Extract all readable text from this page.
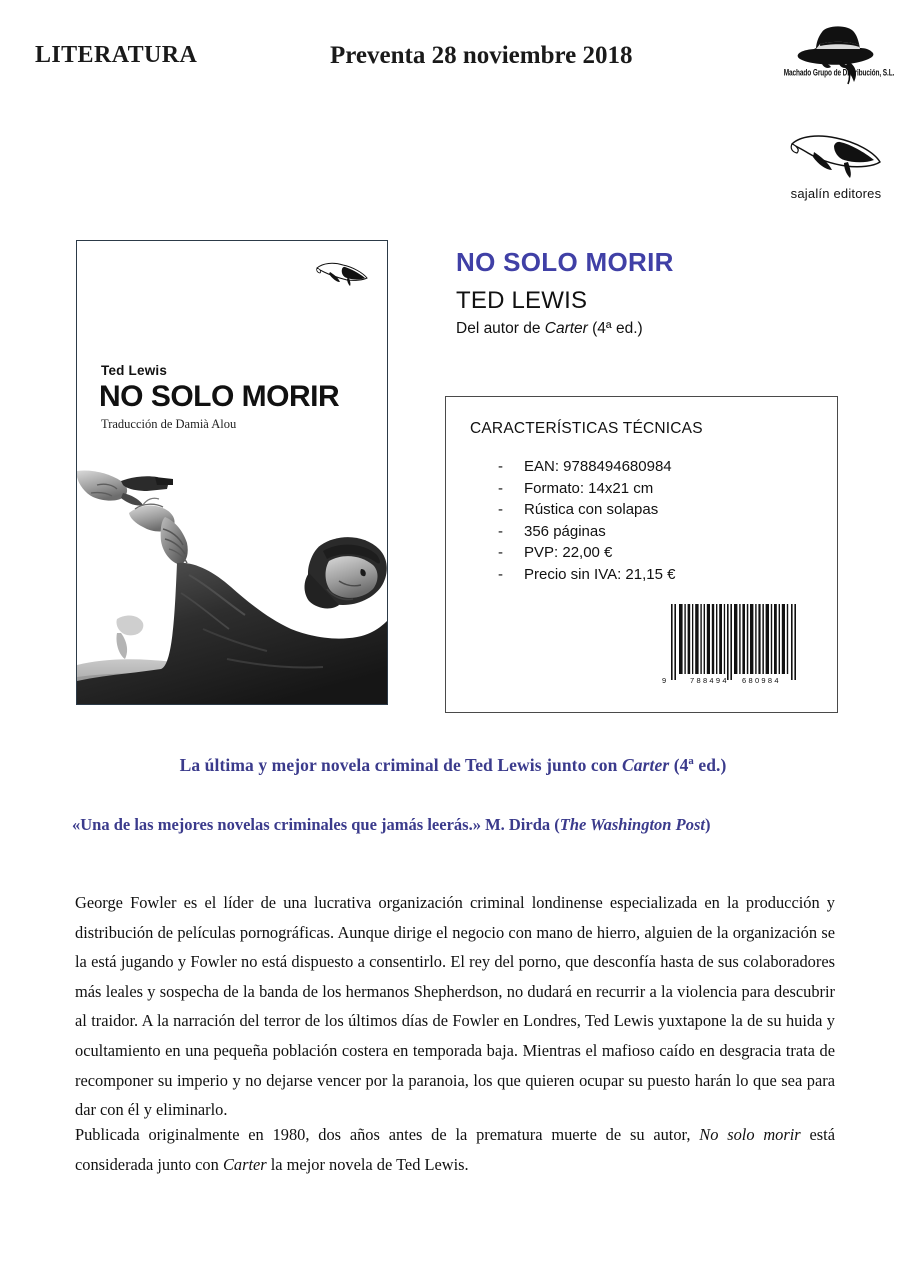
LITERATURA	Preventa 28 noviembre 2018
Machado Grupo de Distribución, S.L.
sajalín editores
Ted Lewis
NO SOLO MORIR
Traducción de Damià Alou
NO SOLO MORIR
TED LEWIS
Del autor de Carter (4ª ed.)
CARACTERÍSTICAS TÉCNICAS
- EAN: 9788494680984
- Formato: 14x21 cm
- Rústica con solapas
- 356 páginas
- PVP: 22,00 €
- Precio sin IVA: 21,15 €
9	788494 680984
La última y mejor novela criminal de Ted Lewis junto con Carter (4ª ed.)
«Una de las mejores novelas criminales que jamás leerás.» M. Dirda (The Washington Post)
George Fowler es el líder de una lucrativa organización criminal londinense especializada en la producción y distribución de películas pornográficas. Aunque dirige el negocio con mano de hierro, alguien de la organización se la está jugando y Fowler no está dispuesto a consentirlo. El rey del porno, que desconfía hasta de sus colaboradores más leales y sospecha de la banda de los hermanos Shepherdson, no dudará en recurrir a la violencia para descubrir al traidor. A la narración del terror de los últimos días de Fowler en Londres, Ted Lewis yuxtapone la de su huida y ocultamiento en una pequeña población costera en temporada baja. Mientras el mafioso caído en desgracia trata de recomponer su imperio y no dejarse vencer por la paranoia, los que quieren ocupar su puesto harán lo que sea para dar con él y eliminarlo.
Publicada originalmente en 1980, dos años antes de la prematura muerte de su autor, No solo morir está considerada junto con Carter la mejor novela de Ted Lewis.
